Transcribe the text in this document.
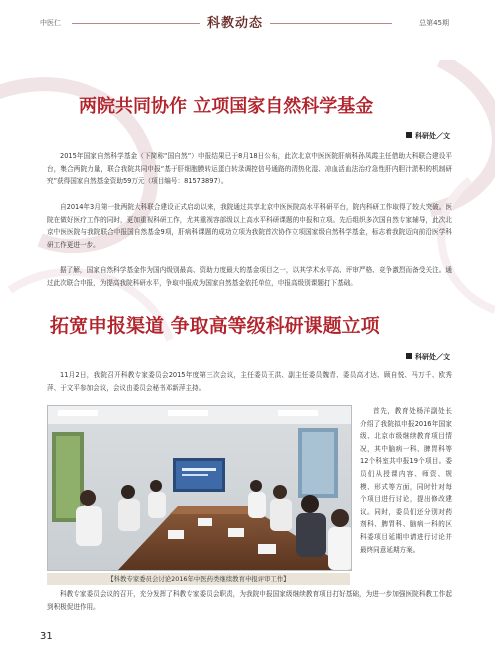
中医仁	科教动态	总第45期
两院共同协作 立项国家自然科学基金
科研处／文

2015年国家自然科学基金（下简称“国自然”）申报结果已于8月18日公布，此次北京中医医院肝病科孙凤霞主任借助大科联合建设平台，集合两院力量，联合我院共同申报“基于肝细胞膜转运蛋白转录调控信号通路的清热化湿、凉血活血法治疗急性肝内胆汁淤积的机制研究”获得国家自然基金资助59万元（项目编号：81573897）。

自2014年3月第一批两院大科联合建设正式启动以来，我院通过共享北京中医医院高水平科研平台，院内科研工作取得了较大突破。医院在做好医疗工作的同时，更加重视科研工作，尤其重视容部级以上高水平科研课题的申报和立项。先后组织多次国自然专家辅导，此次北京中医医院与我院联合申报国自然基金9项，肝病科课题的成功立项为我院首次协作立项国家级自然科学基金，标志着我院迈向前沿医学科研工作更进一步。

据了解，国家自然科学基金作为国内级别最高、资助力度最大的基金项目之一，以其学术水平高、评审严格、竞争激烈而备受关注。通过此次联合申报，为提高我院科研水平，争取申报成为国家自然基金依托单位，申报高级别课题打下基础。

拓宽申报渠道 争取高等级科研课题立项
科研处／文

11月2日，我院召开科教专家委员会2015年度第三次会议，主任委员王洪、副主任委员魏青、委员高才达、顾自悦、马万千、欧秀萍、于文平参加会议，会议由委员会秘书邓新萍主持。

【科教专家委员会讨论2016年中医药类继续教育申报评审工作】

首先，教育处杨洋副处长介绍了我院拟申报2016年国家级、北京市级继续教育项目情况，其中脑病一科、脾胃科等12个科室共申报19个项目。委员们从授课内容、师资、规模、形式等方面，同时针对每个项目进行讨论，提出修改建议。同时，委员们还分别对药剂科、脾胃科、脑病一科的区科委项目延期申请进行讨论并最终同意延期方案。

科教专家委员会议的召开，充分发挥了科教专家委员会职责，为我院申报国家级继续教育项目打好基础，为进一步加强医院科教工作起到积极促进作用。

31
